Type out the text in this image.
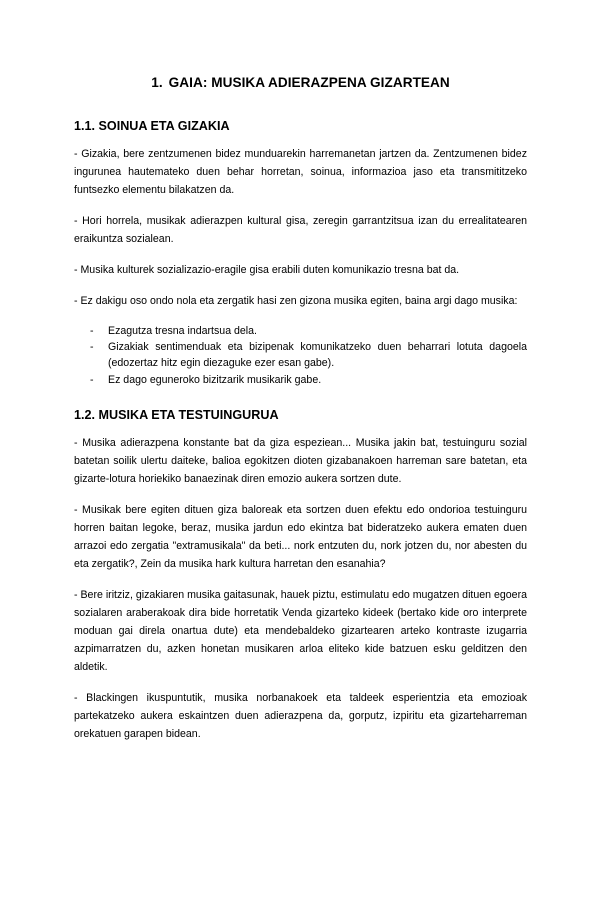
1. GAIA: MUSIKA ADIERAZPENA GIZARTEAN
1.1. SOINUA ETA GIZAKIA

- Gizakia, bere zentzumenen bidez munduarekin harremanetan jartzen da. Zentzumenen bidez ingurunea hautemateko duen behar horretan, soinua, informazioa jaso eta transmititzeko funtsezko elementu bilakatzen da.

- Hori horrela, musikak adierazpen kultural gisa, zeregin garrantzitsua izan du errealitatearen eraikuntza sozialean.

- Musika kulturek sozializazio-eragile gisa erabili duten komunikazio tresna bat da.

- Ez dakigu oso ondo nola eta zergatik hasi zen gizona musika egiten, baina argi dago musika:

- Ezagutza tresna indartsua dela.
- Gizakiak sentimenduak eta bizipenak komunikatzeko duen beharrari lotuta dagoela (edozertaz hitz egin diezaguke ezer esan gabe).
- Ez dago eguneroko bizitzarik musikarik gabe.
1.2. MUSIKA ETA TESTUINGURUA

- Musika adierazpena konstante bat da giza espeziean... Musika jakin bat, testuinguru sozial batetan soilik ulertu daiteke, balioa egokitzen dioten gizabanakoen harreman sare batetan, eta gizarte-lotura horiekiko banaezinak diren emozio aukera sortzen dute.

- Musikak bere egiten dituen giza baloreak eta sortzen duen efektu edo ondorioa testuinguru horren baitan legoke, beraz, musika jardun edo ekintza bat bideratzeko aukera ematen duen arrazoi edo zergatia "extramusikala" da beti... nork entzuten du, nork jotzen du, nor abesten du eta zergatik?, Zein da musika hark kultura harretan den esanahia?

- Bere iritziz, gizakiaren musika gaitasunak, hauek piztu, estimulatu edo mugatzen dituen egoera sozialaren araberakoak dira bide horretatik Venda gizarteko kideek (bertako kide oro interprete moduan gai direla onartua dute) eta mendebaldeko gizartearen arteko kontraste izugarria azpimarratzen du, azken honetan musikaren arloa eliteko kide batzuen esku gelditzen den aldetik.

- Blackingen ikuspuntutik, musika norbanakoek eta taldeek esperientzia eta emozioak partekatzeko aukera eskaintzen duen adierazpena da, gorputz, izpiritu eta gizarteharreman orekatuen garapen bidean.
